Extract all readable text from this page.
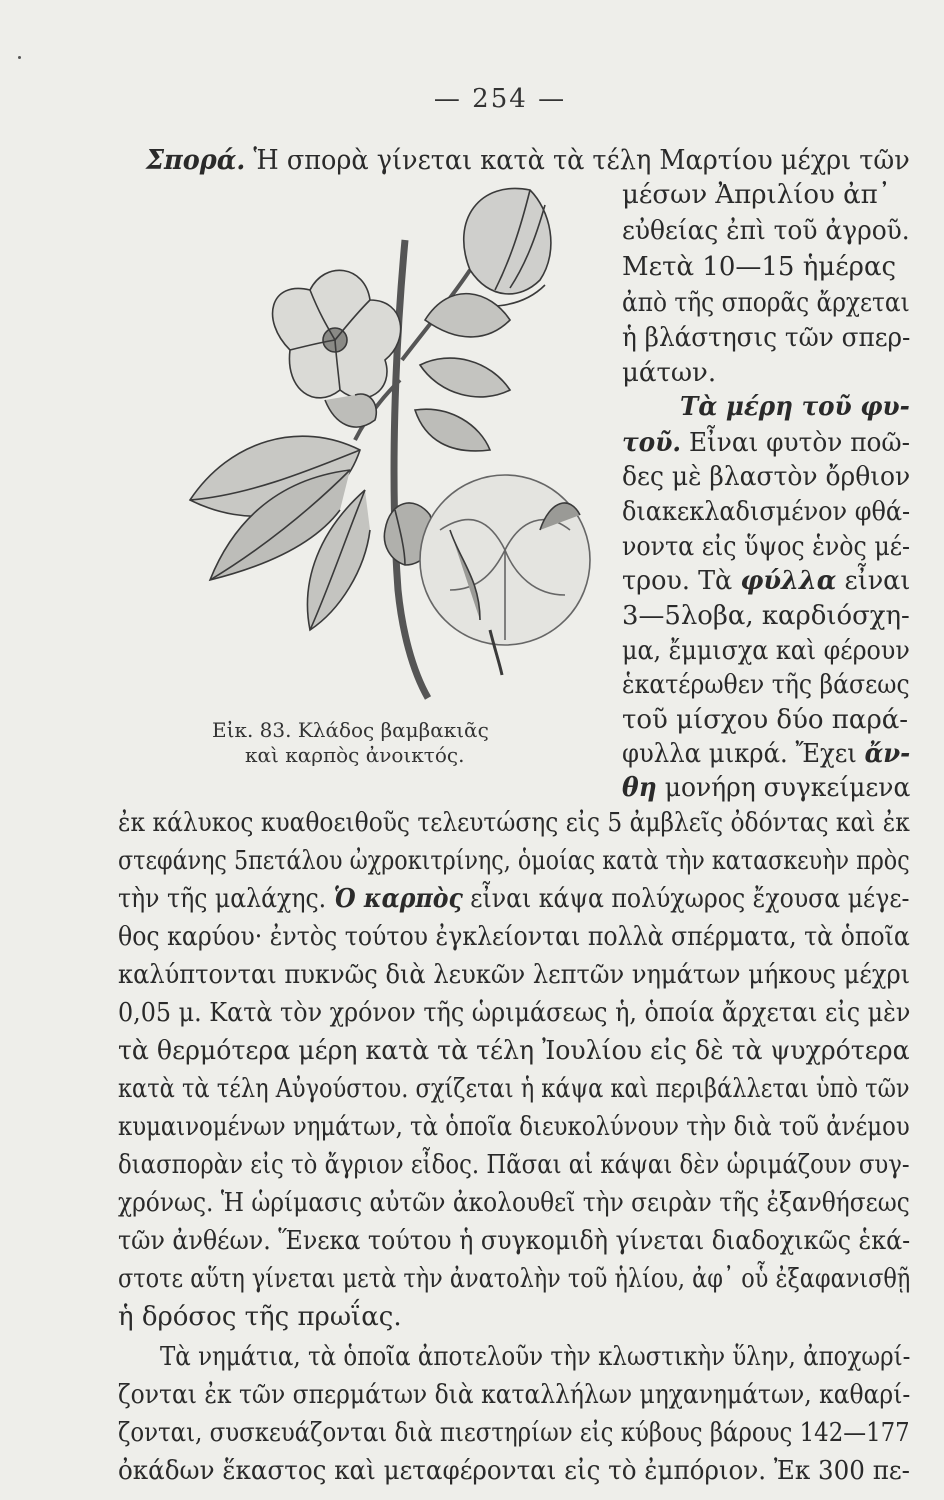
— 254 —
Σπορά. Ἡ σπορὰ γίνεται κατὰ τὰ τέλη Μαρτίου μέχρι τῶν
μέσων Ἀπριλίου ἀπ᾽
εὐθείας ἐπὶ τοῦ ἀγροῦ.
Μετὰ 10—15 ἡμέρας
ἀπὸ τῆς σπορᾶς ἄρχεται
ἡ βλάστησις τῶν σπερ-
μάτων.
Τὰ μέρη τοῦ φυ-
τοῦ. Εἶναι φυτὸν ποῶ-
δες μὲ βλαστὸν ὄρθιον
διακεκλαδισμένον φθά-
νοντα εἰς ὕψος ἑνὸς μέ-
τρου. Τὰ φύλλα εἶναι
3—5λοβα, καρδιόσχη-
μα, ἔμμισχα καὶ φέρουν
ἑκατέρωθεν τῆς βάσεως
τοῦ μίσχου δύο παρά-
φυλλα μικρά. Ἔχει ἄν-
θη μονήρη συγκείμενα
Εἰκ. 83. Κλάδος βαμβακιᾶς
καὶ καρπὸς ἀνοικτός.
ἐκ κάλυκος κυαθοειθοῦς τελευτώσης εἰς 5 ἀμβλεῖς ὀδόντας καὶ ἐκ
στεφάνης 5πετάλου ὠχροκιτρίνης, ὁμοίας κατὰ τὴν κατασκευὴν πρὸς
τὴν τῆς μαλάχης. Ὁ καρπὸς εἶναι κάψα πολύχωρος ἔχουσα μέγε-
θος καρύου· ἐντὸς τούτου ἐγκλείονται πολλὰ σπέρματα, τὰ ὁποῖα
καλύπτονται πυκνῶς διὰ λευκῶν λεπτῶν νημάτων μήκους μέχρι
0,05 μ. Κατὰ τὸν χρόνον τῆς ὡριμάσεως ἡ, ὁποία ἄρχεται εἰς μὲν
τὰ θερμότερα μέρη κατὰ τὰ τέλη Ἰουλίου εἰς δὲ τὰ ψυχρότερα
κατὰ τὰ τέλη Αὐγούστου. σχίζεται ἡ κάψα καὶ περιβάλλεται ὑπὸ τῶν
κυμαινομένων νημάτων, τὰ ὁποῖα διευκολύνουν τὴν διὰ τοῦ ἀνέμου
διασπορὰν εἰς τὸ ἄγριον εἶδος. Πᾶσαι αἱ κάψαι δὲν ὡριμάζουν συγ-
χρόνως. Ἡ ὡρίμασις αὐτῶν ἀκολουθεῖ τὴν σειρὰν τῆς ἐξανθήσεως
τῶν ἀνθέων. Ἕνεκα τούτου ἡ συγκομιδὴ γίνεται διαδοχικῶς ἑκά-
στοτε αὕτη γίνεται μετὰ τὴν ἀνατολὴν τοῦ ἡλίου, ἀφ᾽ οὗ ἐξαφανισθῇ
ἡ δρόσος τῆς πρωΐας.
Τὰ νημάτια, τὰ ὁποῖα ἀποτελοῦν τὴν κλωστικὴν ὕλην, ἀποχωρί-
ζονται ἐκ τῶν σπερμάτων διὰ καταλλήλων μηχανημάτων, καθαρί-
ζονται, συσκευάζονται διὰ πιεστηρίων εἰς κύβους βάρους 142—177
ὀκάδων ἕκαστος καὶ μεταφέρονται εἰς τὸ ἐμπόριον. Ἐκ 300 πε-
